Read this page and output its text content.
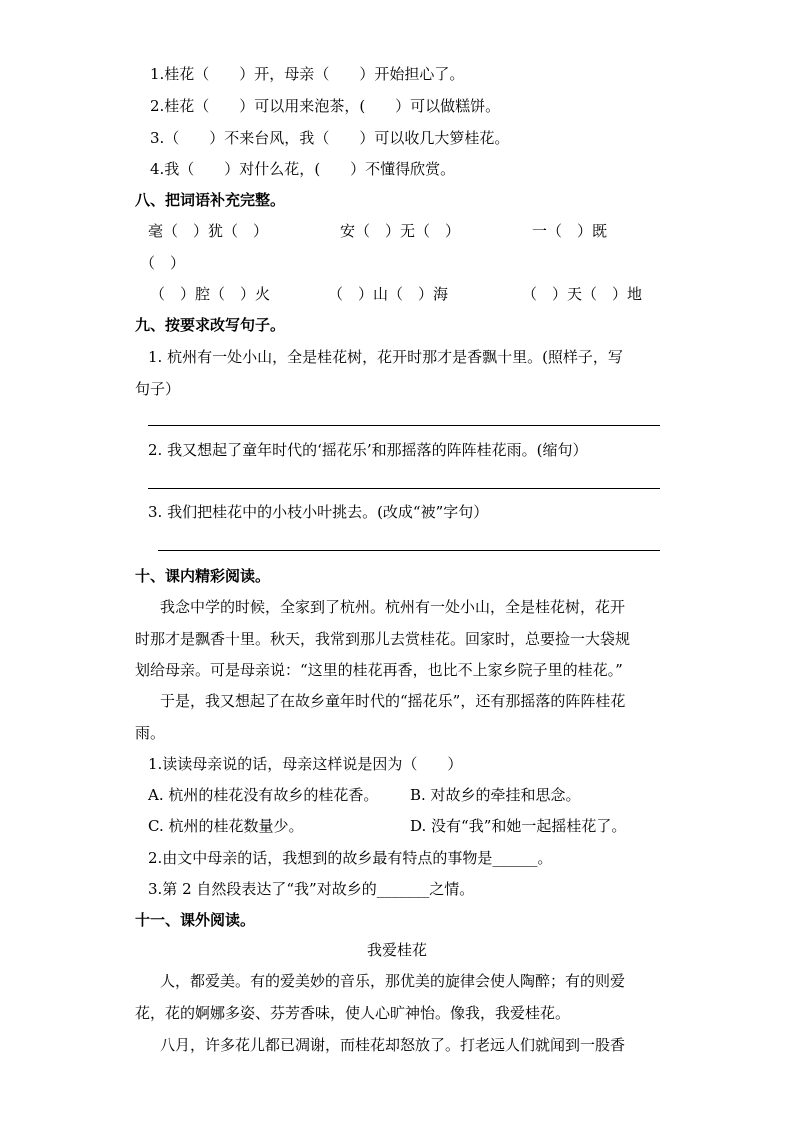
1.桂花（　　）开，母亲（　　）开始担心了。
2.桂花（　　）可以用来泡茶，(　　）可以做糕饼。
3.（　　）不来台风，我（　　）可以收几大箩桂花。
4.我（　　）对什么花，(　　）不懂得欣赏。
八、把词语补充完整。
毫（　）犹（　）	安（　）无（　）	一（　）既
（　）
（　）腔（　）火	（　）山（　）海	（　）天（　）地
九、按要求改写句子。
1. 杭州有一处小山，全是桂花树，花开时那才是香飘十里。(照样子，写
句子）
2. 我又想起了童年时代的‘摇花乐’和那摇落的阵阵桂花雨。(缩句）
3. 我们把桂花中的小枝小叶挑去。(改成“被”字句）
十、课内精彩阅读。
我念中学的时候，全家到了杭州。杭州有一处小山，全是桂花树，花开
时那才是飘香十里。秋天，我常到那儿去赏桂花。回家时，总要捡一大袋规
划给母亲。可是母亲说：“这里的桂花再香，也比不上家乡院子里的桂花。”
于是，我又想起了在故乡童年时代的“摇花乐”，还有那摇落的阵阵桂花
雨。
1.读读母亲说的话，母亲这样说是因为（　　）
A. 杭州的桂花没有故乡的桂花香。 B. 对故乡的牵挂和思念。
C. 杭州的桂花数量少。	D. 没有“我”和她一起摇桂花了。
2.由文中母亲的话，我想到的故乡最有特点的事物是______。
3.第 2 自然段表达了“我”对故乡的_______之情。
十一、课外阅读。
我爱桂花
人，都爱美。有的爱美妙的音乐，那优美的旋律会使人陶醉；有的则爱
花，花的婀娜多姿、芬芳香味，使人心旷神怡。像我，我爱桂花。
八月，许多花儿都已凋谢，而桂花却怒放了。打老远人们就闻到一股香
